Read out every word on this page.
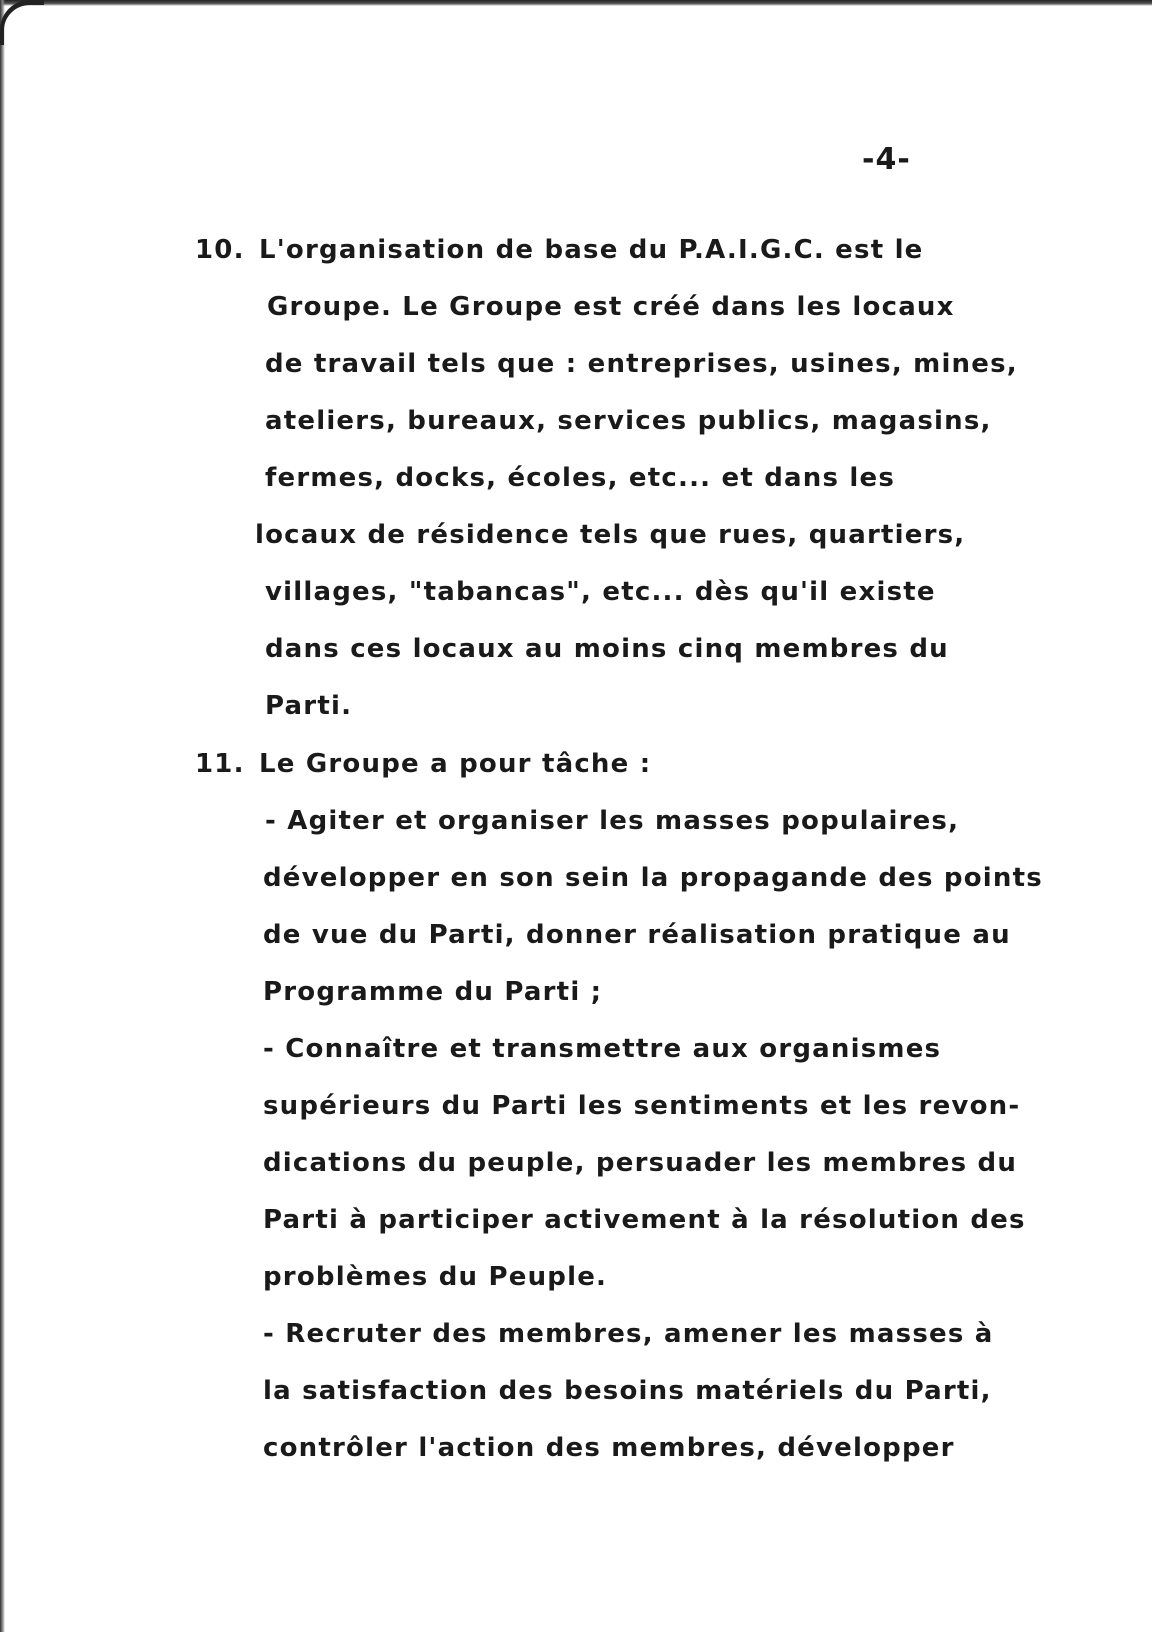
-4-
10. L'organisation de base du P.A.I.G.C. est le
Groupe. Le Groupe est créé dans les locaux
de travail tels que : entreprises, usines, mines,
ateliers, bureaux, services publics, magasins,
fermes, docks, écoles, etc... et dans les
locaux de résidence tels que rues, quartiers,
villages, "tabancas", etc... dès qu'il existe
dans ces locaux au moins cinq membres du
Parti.
11. Le Groupe a pour tâche :
- Agiter et organiser les masses populaires,
développer en son sein la propagande des points
de vue du Parti, donner réalisation pratique au
Programme du Parti ;
- Connaître et transmettre aux organismes
supérieurs du Parti les sentiments et les revon-
dications du peuple, persuader les membres du
Parti à participer activement à la résolution des
problèmes du Peuple.
- Recruter des membres, amener les masses à
la satisfaction des besoins matériels du Parti,
contrôler l'action des membres, développer
